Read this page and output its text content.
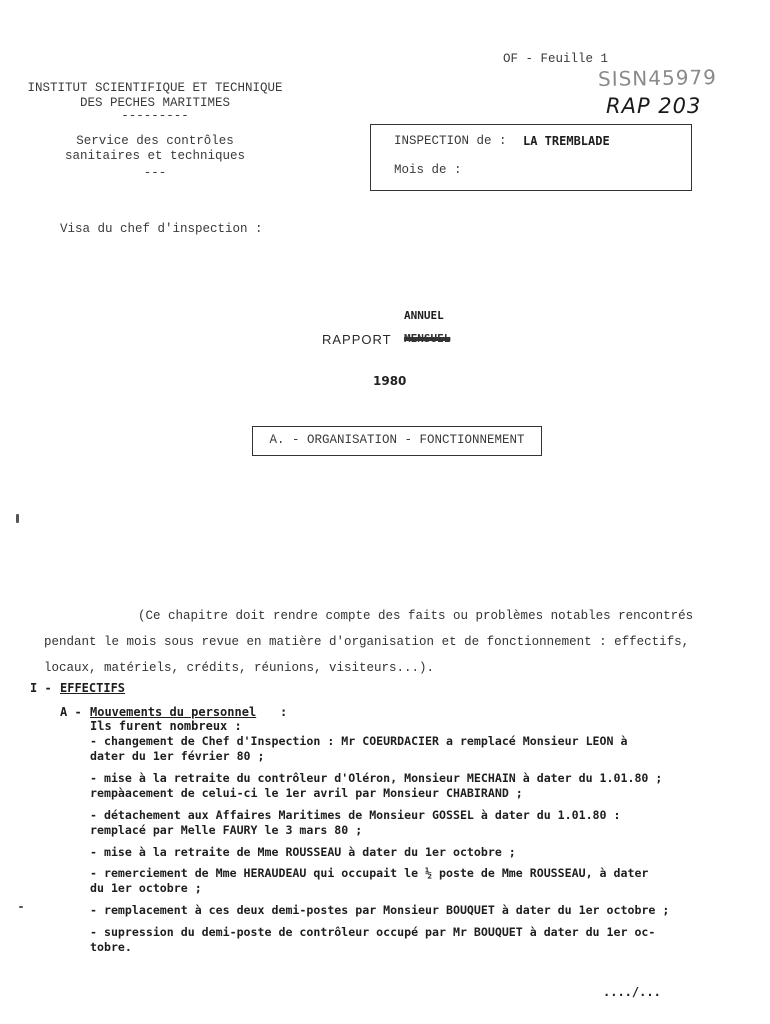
OF - Feuille 1
SISN45979
RAP 203
INSTITUT SCIENTIFIQUE ET TECHNIQUE
DES PECHES MARITIMES
---------
Service des contrôles
sanitaires et techniques
---
INSPECTION de : LA TREMBLADE
Mois de :
Visa du chef d'inspection :
ANNUEL
RAPPORT MENSUEL
1980
A. - ORGANISATION - FONCTIONNEMENT
(Ce chapitre doit rendre compte des faits ou problèmes notables rencontrés
pendant le mois sous revue en matière d'organisation et de fonctionnement : effectifs,
locaux, matériels, crédits, réunions, visiteurs...).
I - EFFECTIFS
A - Mouvements du personnel :
Ils furent nombreux :
- changement de Chef d'Inspection : Mr COEURDACIER a remplacé Monsieur LEON à
dater du 1er février 80 ;
- mise à la retraite du contrôleur d'Oléron, Monsieur MECHAIN à dater du 1.01.80 ;
rempàacement de celui-ci le 1er avril par Monsieur CHABIRAND ;
- détachement aux Affaires Maritimes de Monsieur GOSSEL à dater du 1.01.80 :
remplacé par Melle FAURY le 3 mars 80 ;
- mise à la retraite de Mme ROUSSEAU à dater du 1er octobre ;
- remerciement de Mme HERAUDEAU qui occupait le ½ poste de Mme ROUSSEAU, à dater
du 1er octobre ;
- remplacement à ces deux demi-postes par Monsieur BOUQUET à dater du 1er octobre ;
- supression du demi-poste de contrôleur occupé par Mr BOUQUET à dater du 1er oc-
tobre.
..../...
